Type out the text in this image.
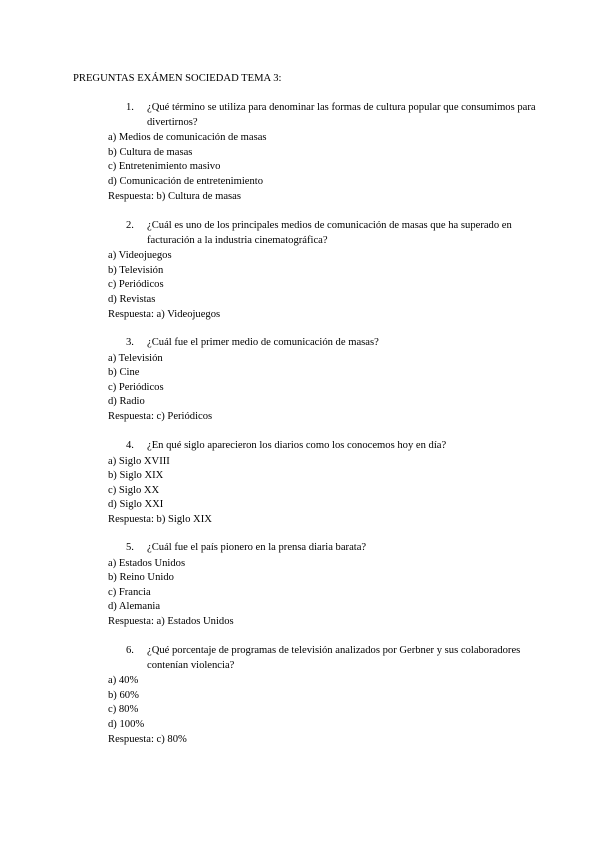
PREGUNTAS EXÁMEN SOCIEDAD TEMA 3:
1. ¿Qué término se utiliza para denominar las formas de cultura popular que consumimos para divertirnos?
a) Medios de comunicación de masas
b) Cultura de masas
c) Entretenimiento masivo
d) Comunicación de entretenimiento
Respuesta: b) Cultura de masas
2. ¿Cuál es uno de los principales medios de comunicación de masas que ha superado en facturación a la industria cinematográfica?
a) Videojuegos
b) Televisión
c) Periódicos
d) Revistas
Respuesta: a) Videojuegos
3. ¿Cuál fue el primer medio de comunicación de masas?
a) Televisión
b) Cine
c) Periódicos
d) Radio
Respuesta: c) Periódicos
4. ¿En qué siglo aparecieron los diarios como los conocemos hoy en día?
a) Siglo XVIII
b) Siglo XIX
c) Siglo XX
d) Siglo XXI
Respuesta: b) Siglo XIX
5. ¿Cuál fue el país pionero en la prensa diaria barata?
a) Estados Unidos
b) Reino Unido
c) Francia
d) Alemania
Respuesta: a) Estados Unidos
6. ¿Qué porcentaje de programas de televisión analizados por Gerbner y sus colaboradores contenían violencia?
a) 40%
b) 60%
c) 80%
d) 100%
Respuesta: c) 80%
